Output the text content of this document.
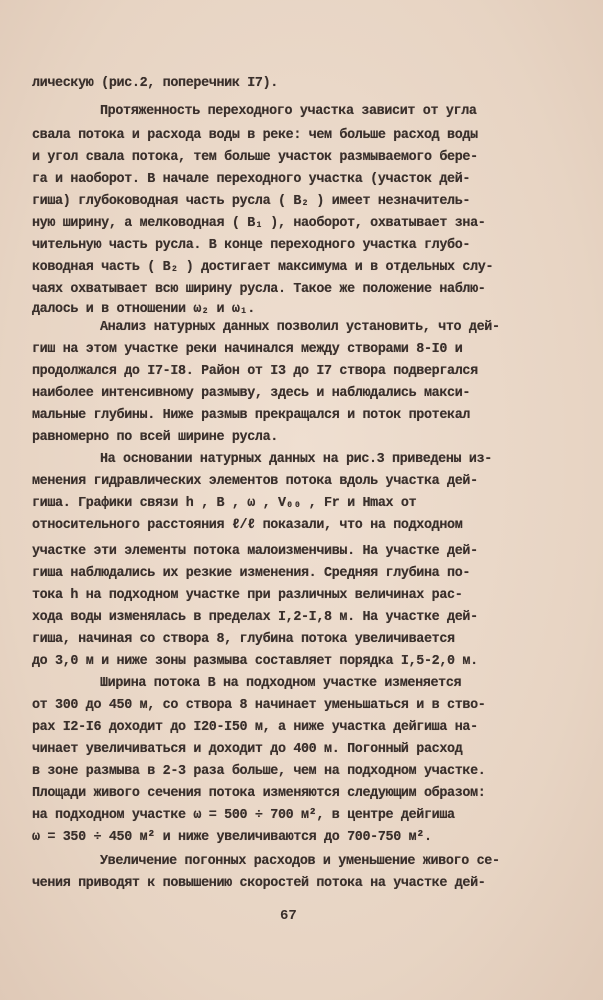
лическую (рис.2, поперечник I7).
Протяженность переходного участка зависит от угла
свала потока и расхода воды в реке: чем больше расход воды
и угол свала потока, тем больше участок размываемого бере-
га и наоборот. В начале переходного участка (участок дей-
гиша) глубоководная часть русла ( B₂ ) имеет незначитель-
ную ширину, а мелководная ( B₁ ), наоборот, охватывает зна-
чительную часть русла. В конце переходного участка глубо-
ководная часть ( B₂ ) достигает максимума и в отдельных слу-
чаях охватывает всю ширину русла. Такое же положение наблю-
далось и в отношении ω₂ и ω₁.
Анализ натурных данных позволил установить, что дей-
гиш на этом участке реки начинался между створами 8-I0 и
продолжался до I7-I8. Район от I3 до I7 створа подвергался
наиболее интенсивному размыву, здесь и наблюдались макси-
мальные глубины. Ниже размыв прекращался и поток протекал
равномерно по всей ширине русла.
На основании натурных данных на рис.3 приведены из-
менения гидравлических элементов потока вдоль участка дей-
гиша. Графики связи h , B , ω , V₀₀ , Fr и Hmax от
относительного расстояния ℓ/ℓ показали, что на подходном
участке эти элементы потока малоизменчивы. На участке дей-
гиша наблюдались их резкие изменения. Средняя глубина по-
тока h на подходном участке при различных величинах рас-
хода воды изменялась в пределах I,2-I,8 м. На участке дей-
гиша, начиная со створа 8, глубина потока увеличивается
до 3,0 м и ниже зоны размыва составляет порядка I,5-2,0 м.
Ширина потока B на подходном участке изменяется
от 300 до 450 м, со створа 8 начинает уменьшаться и в ство-
рах I2-I6 доходит до I20-I50 м, а ниже участка дейгиша на-
чинает увеличиваться и доходит до 400 м. Погонный расход
в зоне размыва в 2-3 раза больше, чем на подходном участке.
Площади живого сечения потока изменяются следующим образом:
на подходном участке ω = 500 ÷ 700 м², в центре дейгиша
ω = 350 ÷ 450 м² и ниже увеличиваются до 700-750 м².
Увеличение погонных расходов и уменьшение живого се-
чения приводят к повышению скоростей потока на участке дей-
67
